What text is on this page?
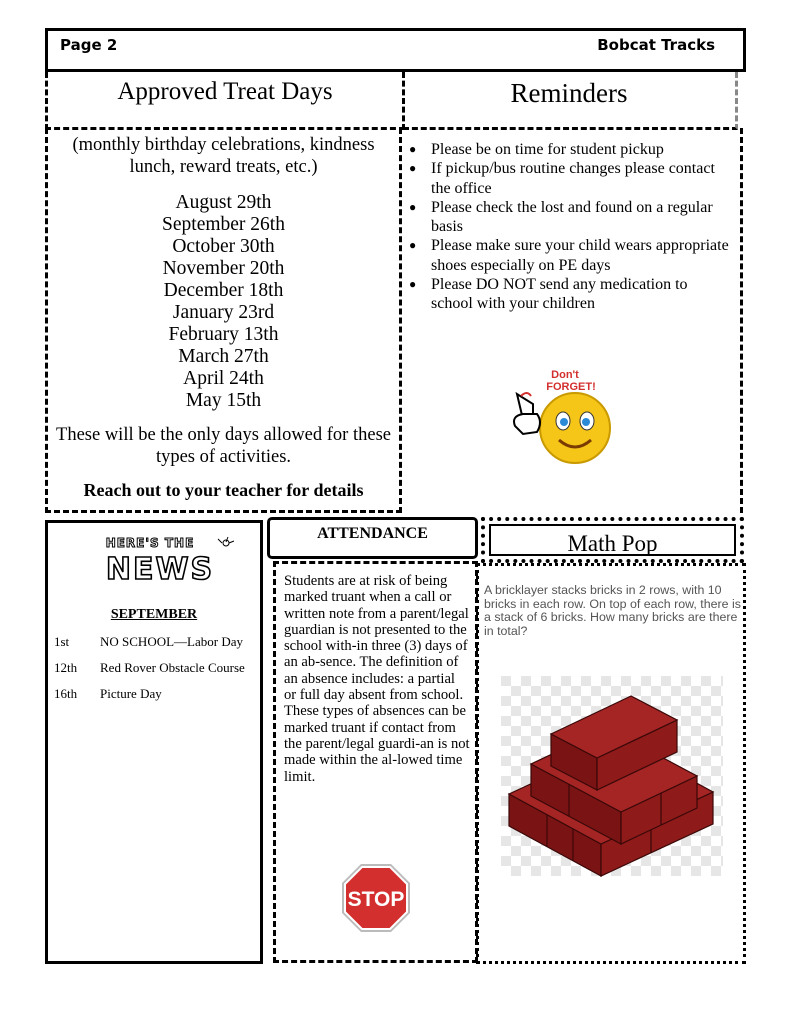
Page 2	Bobcat Tracks
Approved Treat Days
(monthly birthday celebrations, kindness lunch, reward treats, etc.)
August 29th
September 26th
October 30th
November 20th
December 18th
January 23rd
February 13th
March 27th
April 24th
May 15th
These will be the only days allowed for these types of activities.
Reach out to your teacher for details
Reminders
● Please be on time for student pickup
● If pickup/bus routine changes please contact the office
● Please check the lost and found on a regular basis
● Please make sure your child wears appropriate shoes especially on PE days
● Please DO NOT send any medication to school with your children
Don't
FORGET!
HERE'S THE
NEWS
SEPTEMBER
1st NO SCHOOL—Labor Day
12th Red Rover Obstacle Course
16th Picture Day
ATTENDANCE
Students are at risk of being marked truant when a call or written note from a parent/legal guardian is not presented to the school with-in three (3) days of an ab-sence. The definition of an absence includes: a partial or full day absent from school. These types of absences can be marked truant if contact from the parent/legal guardi-an is not made within the al-lowed time limit.
STOP
Math Pop
A bricklayer stacks bricks in 2 rows, with 10 bricks in each row. On top of each row, there is a stack of 6 bricks. How many bricks are there in total?
